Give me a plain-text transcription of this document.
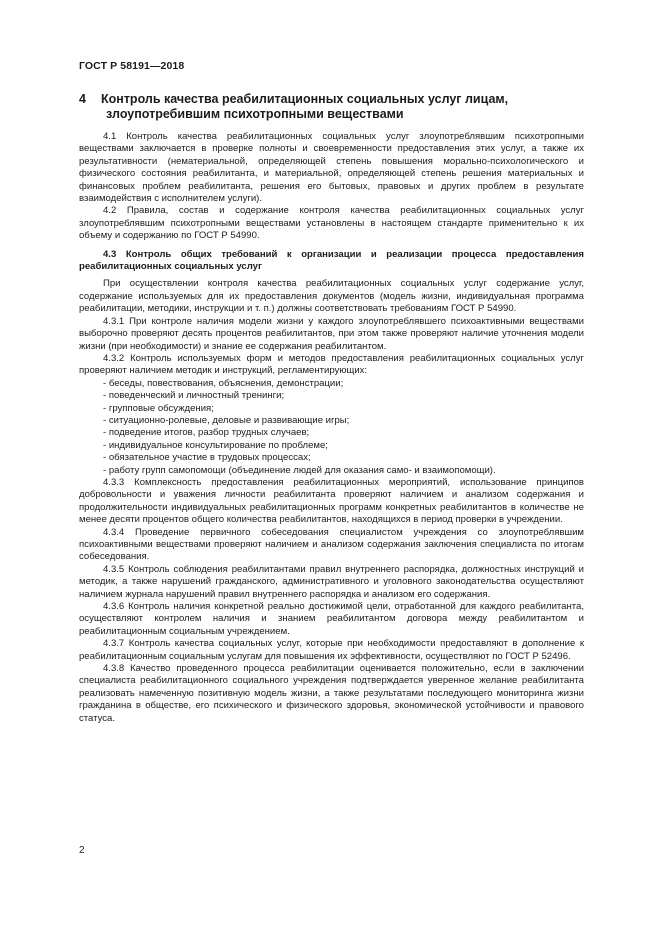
ГОСТ Р 58191—2018
4 Контроль качества реабилитационных социальных услуг лицам, злоупотребившим психотропными веществами

4.1 Контроль качества реабилитационных социальных услуг злоупотреблявшим психотропными веществами заключается в проверке полноты и своевременности предоставления этих услуг, а также их результативности (нематериальной, определяющей степень повышения морально-психологического и физического состояния реабилитанта, и материальной, определяющей степень решения материальных и финансовых проблем реабилитанта, решения его бытовых, правовых и других проблем в результате взаимодействия с исполнителем услуги).

4.2 Правила, состав и содержание контроля качества реабилитационных социальных услуг злоупотреблявшим психотропными веществами установлены в настоящем стандарте применительно к их объему и содержанию по ГОСТ Р 54990.

4.3 Контроль общих требований к организации и реализации процесса предоставления реабилитационных социальных услуг

При осуществлении контроля качества реабилитационных социальных услуг содержание услуг, содержание используемых для их предоставления документов (модель жизни, индивидуальная программа реабилитации, методики, инструкции и т. п.) должны соответствовать требованиям ГОСТ Р 54990.

4.3.1 При контроле наличия модели жизни у каждого злоупотреблявшего психоактивными веществами выборочно проверяют десять процентов реабилитантов, при этом также проверяют наличие уточнения модели жизни (при необходимости) и знание ее содержания реабилитантом.

4.3.2 Контроль используемых форм и методов предоставления реабилитационных социальных услуг проверяют наличием методик и инструкций, регламентирующих:

- беседы, повествования, объяснения, демонстрации;
- поведенческий и личностный тренинги;
- групповые обсуждения;
- ситуационно-ролевые, деловые и развивающие игры;
- подведение итогов, разбор трудных случаев;
- индивидуальное консультирование по проблеме;
- обязательное участие в трудовых процессах;
- работу групп самопомощи (объединение людей для оказания само- и взаимопомощи).

4.3.3 Комплексность предоставления реабилитационных мероприятий, использование принципов добровольности и уважения личности реабилитанта проверяют наличием и анализом содержания и продолжительности индивидуальных реабилитационных программ конкретных реабилитантов в количестве не менее десяти процентов общего количества реабилитантов, находящихся в период проверки в учреждении.

4.3.4 Проведение первичного собеседования специалистом учреждения со злоупотреблявшим психоактивными веществами проверяют наличием и анализом содержания заключения специалиста по итогам собеседования.

4.3.5 Контроль соблюдения реабилитантами правил внутреннего распорядка, должностных инструкций и методик, а также нарушений гражданского, административного и уголовного законодательства осуществляют наличием журнала нарушений правил внутреннего распорядка и анализом его содержания.

4.3.6 Контроль наличия конкретной реально достижимой цели, отработанной для каждого реабилитанта, осуществляют контролем наличия и знанием реабилитантом договора между реабилитантом и реабилитационным социальным учреждением.

4.3.7 Контроль качества социальных услуг, которые при необходимости предоставляют в дополнение к реабилитационным социальным услугам для повышения их эффективности, осуществляют по ГОСТ Р 52496.

4.3.8 Качество проведенного процесса реабилитации оценивается положительно, если в заключении специалиста реабилитационного социального учреждения подтверждается уверенное желание реабилитанта реализовать намеченную позитивную модель жизни, а также результатами последующего мониторинга жизни гражданина в обществе, его психического и физического здоровья, экономической устойчивости и правового статуса.

2
